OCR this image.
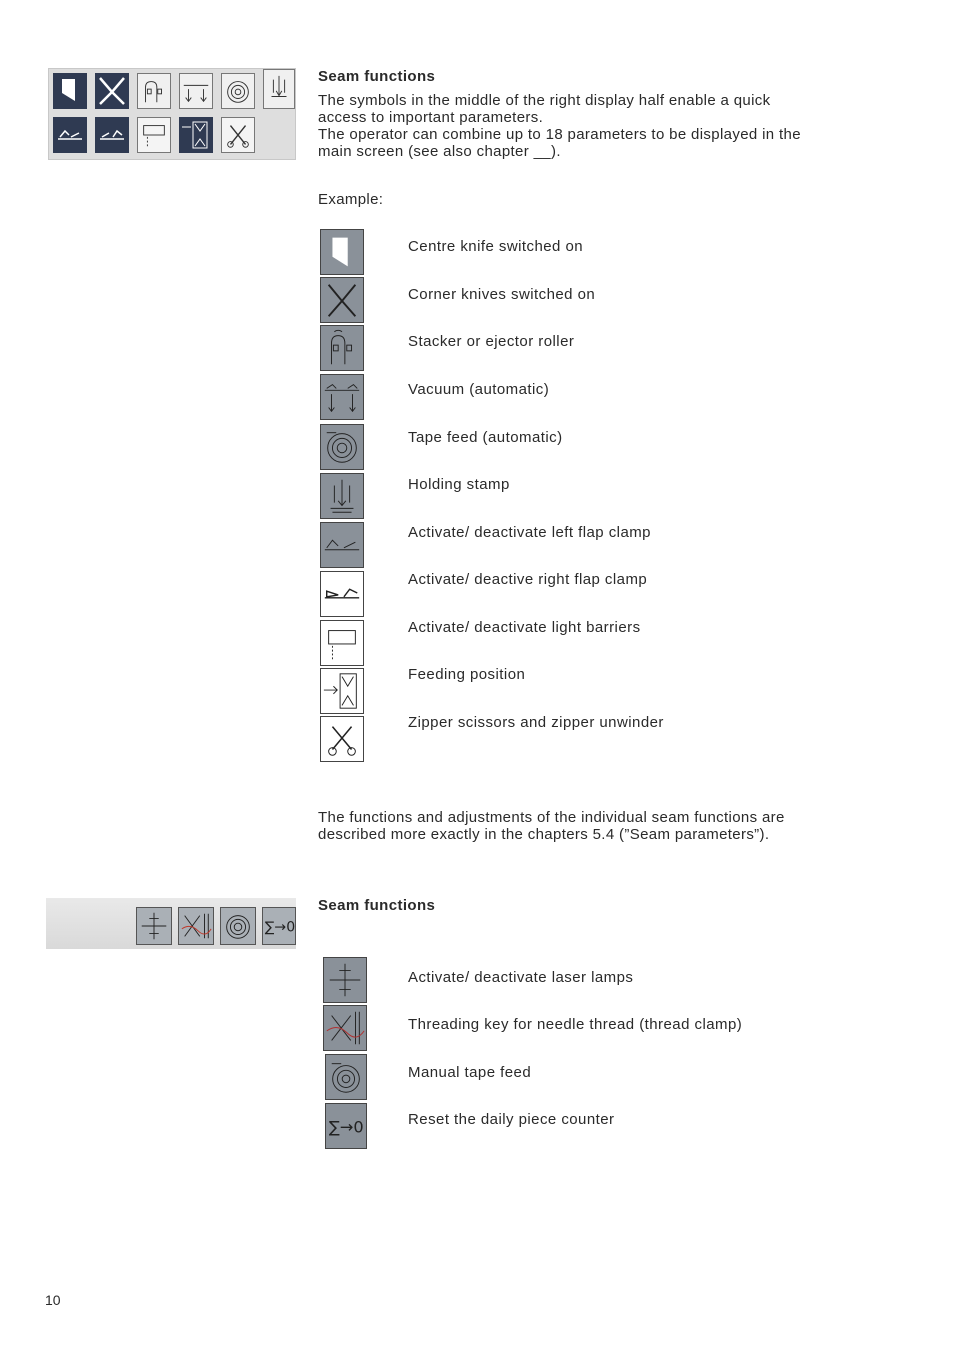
Seam functions
The symbols in the middle of the right display half enable a quick
access to important parameters.
The operator can combine up to 18 parameters to be displayed in the
main screen (see also chapter __).
Example:
Centre knife switched on
Corner knives switched on
Stacker or ejector roller
Vacuum (automatic)
Tape feed (automatic)
Holding stamp
Activate/ deactivate left flap clamp
Activate/ deactive right flap clamp
Activate/ deactivate light barriers
Feeding position
Zipper scissors and zipper unwinder
The functions and adjustments of the individual seam functions are
described more exactly in the chapters 5.4 (”Seam parameters”).
∑→0
Seam functions
Activate/ deactivate laser lamps
Threading key for needle thread (thread clamp)
Manual tape feed
∑→0	Reset the daily piece counter
10
